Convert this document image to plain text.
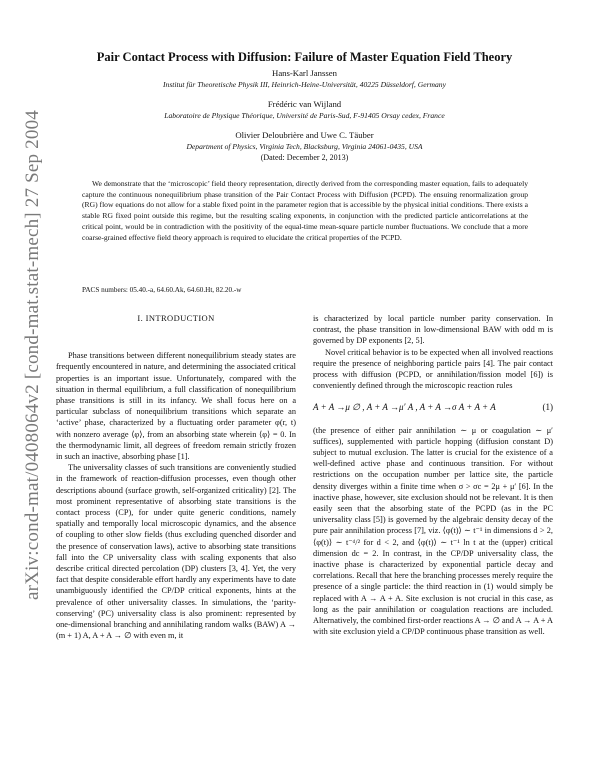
arXiv:cond-mat/0408064v2 [cond-mat.stat-mech] 27 Sep 2004
Pair Contact Process with Diffusion: Failure of Master Equation Field Theory
Hans-Karl Janssen
Institut für Theoretische Physik III, Heinrich-Heine-Universität, 40225 Düsseldorf, Germany
Frédéric van Wijland
Laboratoire de Physique Théorique, Université de Paris-Sud, F-91405 Orsay cedex, France
Olivier Deloubrière and Uwe C. Täuber
Department of Physics, Virginia Tech, Blacksburg, Virginia 24061-0435, USA
(Dated: December 2, 2013)
We demonstrate that the ‘microscopic’ field theory representation, directly derived from the corresponding master equation, fails to adequately capture the continuous nonequilibrium phase transition of the Pair Contact Process with Diffusion (PCPD). The ensuing renormalization group (RG) flow equations do not allow for a stable fixed point in the parameter region that is accessible by the physical initial conditions. There exists a stable RG fixed point outside this regime, but the resulting scaling exponents, in conjunction with the predicted particle anticorrelations at the critical point, would be in contradiction with the positivity of the equal-time mean-square particle number fluctuations. We conclude that a more coarse-grained effective field theory approach is required to elucidate the critical properties of the PCPD.
PACS numbers: 05.40.-a, 64.60.Ak, 64.60.Ht, 82.20.-w
I. INTRODUCTION

Phase transitions between different nonequilibrium steady states are frequently encountered in nature, and determining the associated critical properties is an important issue. Unfortunately, compared with the situation in thermal equilibrium, a full classification of nonequilibrium phase transitions is still in its infancy. We shall focus here on a particular subclass of nonequilibrium transitions which separate an ‘active’ phase, characterized by a fluctuating order parameter φ(r, t) with nonzero average ⟨φ⟩, from an absorbing state wherein ⟨φ⟩ = 0. In the thermodynamic limit, all degrees of freedom remain strictly frozen in such an inactive, absorbing phase [1].

The universality classes of such transitions are conveniently studied in the framework of reaction-diffusion processes, even though other descriptions abound (surface growth, self-organized criticality) [2]. The most prominent representative of absorbing state transitions is the contact process (CP), for under quite generic conditions, namely spatially and temporally local microscopic dynamics, and the absence of coupling to other slow fields (thus excluding quenched disorder and the presence of conservation laws), active to absorbing state transitions fall into the CP universality class with scaling exponents that also describe critical directed percolation (DP) clusters [3, 4]. Yet, the very fact that despite considerable effort hardly any experiments have to date unambiguously identified the CP/DP critical exponents, hints at the prevalence of other universality classes. In simulations, the ‘parity-conserving’ (PC) universality class is also prominent: represented by one-dimensional branching and annihilating random walks (BAW) A → (m + 1) A, A + A → ∅ with even m, it

is characterized by local particle number parity conservation. In contrast, the phase transition in low-dimensional BAW with odd m is governed by DP exponents [2, 5].

Novel critical behavior is to be expected when all involved reactions require the presence of neighboring particle pairs [4]. The pair contact process with diffusion (PCPD, or annihilation/fission model [6]) is conveniently defined through the microscopic reaction rules

A + A →μ ∅ , A + A →μ′ A , A + A →σ A + A + A	(1)

(the presence of either pair annihilation ∼ μ or coagulation ∼ μ′ suffices), supplemented with particle hopping (diffusion constant D) subject to mutual exclusion. The latter is crucial for the existence of a well-defined active phase and continuous transition. For without restrictions on the occupation number per lattice site, the particle density diverges within a finite time when σ > σc = 2μ + μ′ [6]. In the inactive phase, however, site exclusion should not be relevant. It is then easily seen that the absorbing state of the PCPD (as in the PC universality class [5]) is governed by the algebraic density decay of the pure pair annihilation process [7], viz. ⟨φ(t)⟩ ∼ t⁻¹ in dimensions d > 2, ⟨φ(t)⟩ ∼ t⁻ᵈ/² for d < 2, and ⟨φ(t)⟩ ∼ t⁻¹ ln t at the (upper) critical dimension dc = 2. In contrast, in the CP/DP universality class, the inactive phase is characterized by exponential particle decay and correlations. Recall that here the branching processes merely require the presence of a single particle: the third reaction in (1) would simply be replaced with A → A + A. Site exclusion is not crucial in this case, as long as the pair annihilation or coagulation reactions are included. Alternatively, the combined first-order reactions A → ∅ and A → A + A with site exclusion yield a CP/DP continuous phase transition as well.
